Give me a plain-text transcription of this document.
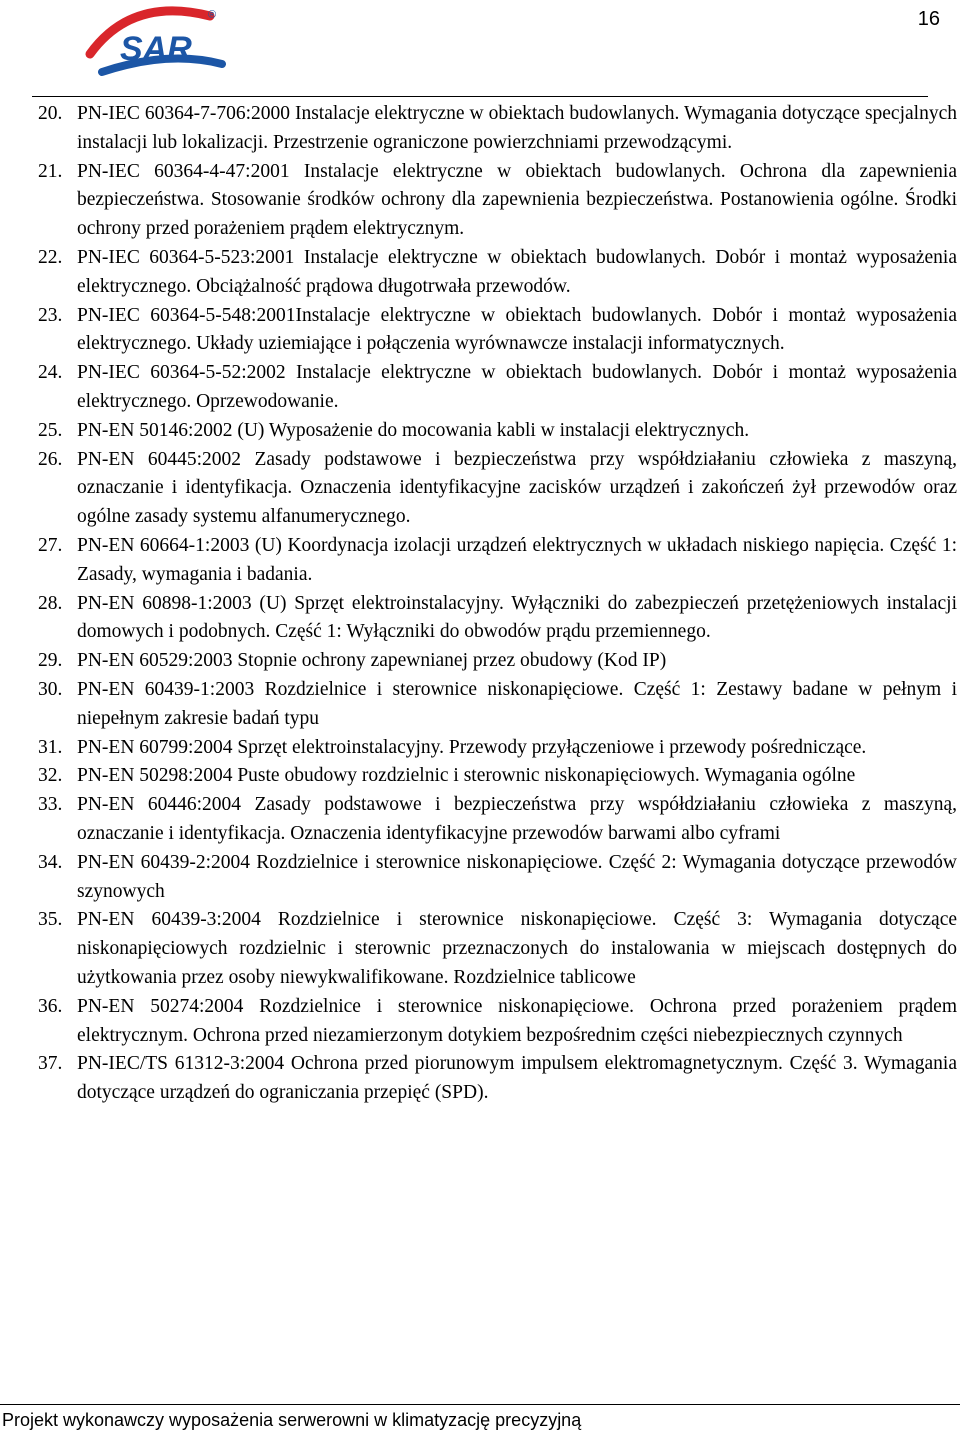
SAR
®	16
20. PN-IEC 60364-7-706:2000 Instalacje elektryczne w obiektach budowlanych. Wymagania dotyczące specjalnych instalacji lub lokalizacji. Przestrzenie ograniczone powierzchniami przewodzącymi.
21. PN-IEC 60364-4-47:2001 Instalacje elektryczne w obiektach budowlanych. Ochrona dla zapewnienia bezpieczeństwa. Stosowanie środków ochrony dla zapewnienia bezpieczeństwa. Postanowienia ogólne. Środki ochrony przed porażeniem prądem elektrycznym.
22. PN-IEC 60364-5-523:2001 Instalacje elektryczne w obiektach budowlanych. Dobór i montaż wyposażenia elektrycznego. Obciążalność prądowa długotrwała przewodów.
23. PN-IEC 60364-5-548:2001Instalacje elektryczne w obiektach budowlanych. Dobór i montaż wyposażenia elektrycznego. Układy uziemiające i połączenia wyrównawcze instalacji informatycznych.
24. PN-IEC 60364-5-52:2002 Instalacje elektryczne w obiektach budowlanych. Dobór i montaż wyposażenia elektrycznego. Oprzewodowanie.
25. PN-EN 50146:2002 (U) Wyposażenie do mocowania kabli w instalacji elektrycznych.
26. PN-EN 60445:2002 Zasady podstawowe i bezpieczeństwa przy współdziałaniu człowieka z maszyną, oznaczanie i identyfikacja. Oznaczenia identyfikacyjne zacisków urządzeń i zakończeń żył przewodów oraz ogólne zasady systemu alfanumerycznego.
27. PN-EN 60664-1:2003 (U) Koordynacja izolacji urządzeń elektrycznych w układach niskiego napięcia. Część 1: Zasady, wymagania i badania.
28. PN-EN 60898-1:2003 (U) Sprzęt elektroinstalacyjny. Wyłączniki do zabezpieczeń przetężeniowych instalacji domowych i podobnych. Część 1: Wyłączniki do obwodów prądu przemiennego.
29. PN-EN 60529:2003 Stopnie ochrony zapewnianej przez obudowy (Kod IP)
30. PN-EN 60439-1:2003 Rozdzielnice i sterownice niskonapięciowe. Część 1: Zestawy badane w pełnym i niepełnym zakresie badań typu
31. PN-EN 60799:2004 Sprzęt elektroinstalacyjny. Przewody przyłączeniowe i przewody pośredniczące.
32. PN-EN 50298:2004 Puste obudowy rozdzielnic i sterownic niskonapięciowych. Wymagania ogólne
33. PN-EN 60446:2004 Zasady podstawowe i bezpieczeństwa przy współdziałaniu człowieka z maszyną, oznaczanie i identyfikacja. Oznaczenia identyfikacyjne przewodów barwami albo cyframi
34. PN-EN 60439-2:2004 Rozdzielnice i sterownice niskonapięciowe. Część 2: Wymagania dotyczące przewodów szynowych
35. PN-EN 60439-3:2004 Rozdzielnice i sterownice niskonapięciowe. Część 3: Wymagania dotyczące niskonapięciowych rozdzielnic i sterownic przeznaczonych do instalowania w miejscach dostępnych do użytkowania przez osoby niewykwalifikowane. Rozdzielnice tablicowe
36. PN-EN 50274:2004 Rozdzielnice i sterownice niskonapięciowe. Ochrona przed porażeniem prądem elektrycznym. Ochrona przed niezamierzonym dotykiem bezpośrednim części niebezpiecznych czynnych
37. PN-IEC/TS 61312-3:2004 Ochrona przed piorunowym impulsem elektromagnetycznym. Część 3. Wymagania dotyczące urządzeń do ograniczania przepięć (SPD).
Projekt wykonawczy wyposażenia serwerowni w klimatyzację precyzyjną
